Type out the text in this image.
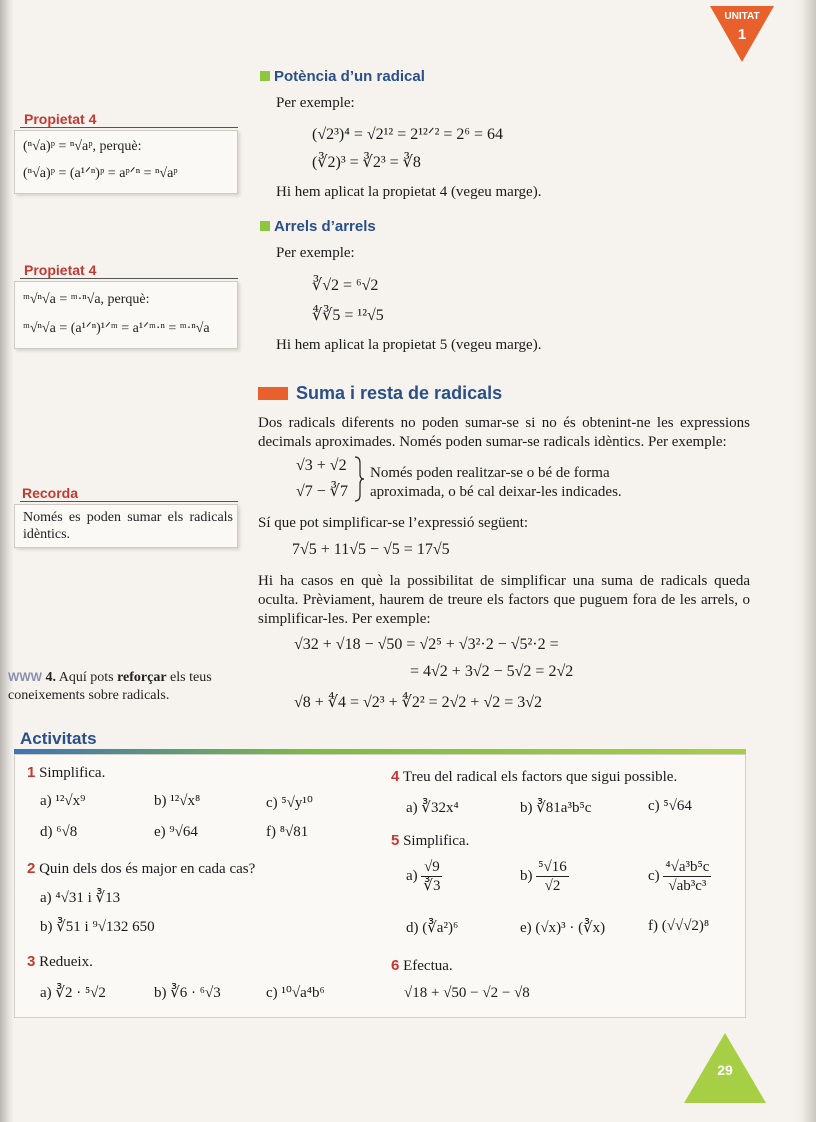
UNITAT
1
Propietat 4
(ⁿ√a)ᵖ = ⁿ√aᵖ, perquè:
(ⁿ√a)ᵖ = (a¹ᐟⁿ)ᵖ = aᵖᐟⁿ = ⁿ√aᵖ
Propietat 4
ᵐ√ⁿ√a = ᵐ·ⁿ√a, perquè:
ᵐ√ⁿ√a = (a¹ᐟⁿ)¹ᐟᵐ = a¹ᐟᵐ·ⁿ = ᵐ·ⁿ√a
Recorda
Només es poden sumar els radicals idèntics.
WWW 4. Aquí pots reforçar els teus coneixements sobre radicals.
Potència d’un radical
Per exemple:
(√2³)⁴ = √2¹² = 2¹²ᐟ² = 2⁶ = 64
(∛2)³ = ∛2³ = ∛8
Hi hem aplicat la propietat 4 (vegeu marge).
Arrels d’arrels
Per exemple:
∛√2 = ⁶√2
∜∛5 = ¹²√5
Hi hem aplicat la propietat 5 (vegeu marge).
Suma i resta de radicals
Dos radicals diferents no poden sumar-se si no és obtenint-ne les expressions decimals aproximades. Només poden sumar-se radicals idèntics. Per exemple:
√3 + √2
√7 − ∛7
Només poden realitzar-se o bé de forma
aproximada, o bé cal deixar-les indicades.
Sí que pot simplificar-se l’expressió següent:
7√5 + 11√5 − √5 = 17√5
Hi ha casos en què la possibilitat de simplificar una suma de radicals queda oculta. Prèviament, haurem de treure els factors que puguem fora de les arrels, o simplificar-les. Per exemple:
√32 + √18 − √50 = √2⁵ + √3²·2 − √5²·2 =
= 4√2 + 3√2 − 5√2 = 2√2
√8 + ∜4 = √2³ + ∜2² = 2√2 + √2 = 3√2
Activitats
1 Simplifica.
a) ¹²√x⁹	b) ¹²√x⁸	c) ⁵√y¹⁰
d) ⁶√8	e) ⁹√64	f) ⁸√81
2 Quin dels dos és major en cada cas?
a) ⁴√31 i ∛13
b) ∛51 i ⁹√132 650
3 Redueix.
a) ∛2 · ⁵√2	b) ∛6 · ⁶√3	c) ¹⁰√a⁴b⁶
4 Treu del radical els factors que sigui possible.
a) ∛32x⁴	b) ∛81a³b⁵c	c) ⁵√64
5 Simplifica.
$a) \frac{√9}{∛3}$	$b) \frac{\text{⁵√16}}{√2}$	$c) \frac{\text{⁴√a³b⁵c}}{\text{√ab³c³}}$
d) (∛a²)⁶	e) (√x)³ · (∛x)	f) (√√√2)⁸
6 Efectua.
√18 + √50 − √2 − √8
29
